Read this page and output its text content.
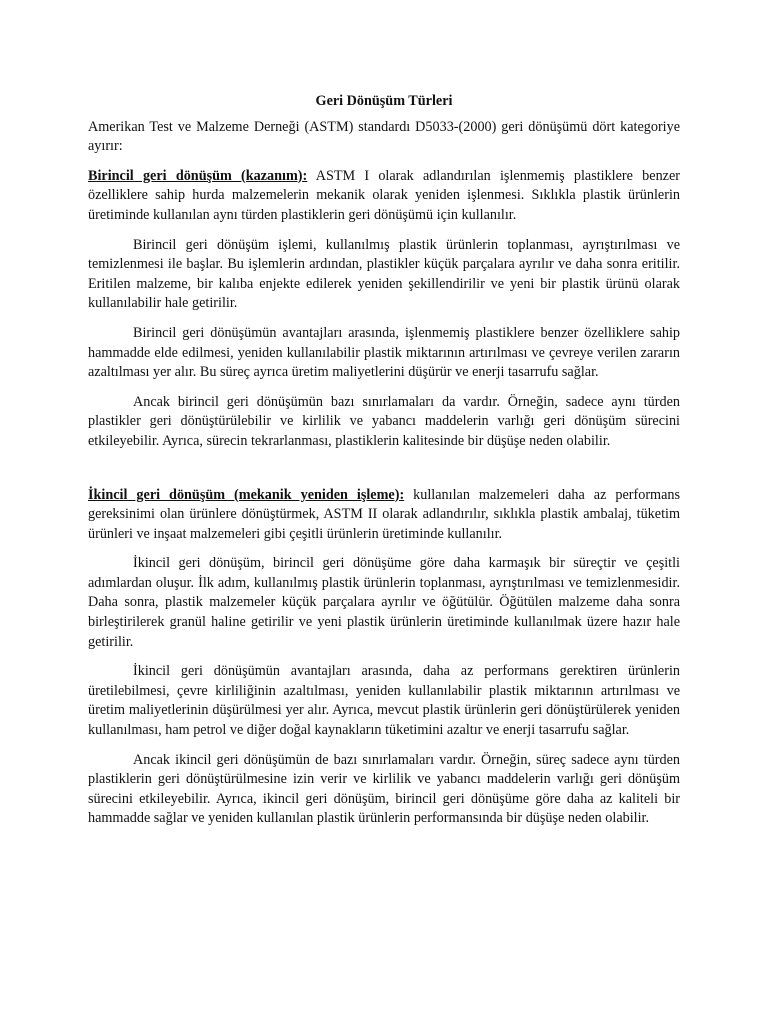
Geri Dönüşüm Türleri

Amerikan Test ve Malzeme Derneği (ASTM) standardı D5033-(2000) geri dönüşümü dört kategoriye ayırır:

Birincil geri dönüşüm (kazanım): ASTM I olarak adlandırılan işlenmemiş plastiklere benzer özelliklere sahip hurda malzemelerin mekanik olarak yeniden işlenmesi. Sıklıkla plastik ürünlerin üretiminde kullanılan aynı türden plastiklerin geri dönüşümü için kullanılır.

Birincil geri dönüşüm işlemi, kullanılmış plastik ürünlerin toplanması, ayrıştırılması ve temizlenmesi ile başlar. Bu işlemlerin ardından, plastikler küçük parçalara ayrılır ve daha sonra eritilir. Eritilen malzeme, bir kalıba enjekte edilerek yeniden şekillendirilir ve yeni bir plastik ürünü olarak kullanılabilir hale getirilir.

Birincil geri dönüşümün avantajları arasında, işlenmemiş plastiklere benzer özelliklere sahip hammadde elde edilmesi, yeniden kullanılabilir plastik miktarının artırılması ve çevreye verilen zararın azaltılması yer alır. Bu süreç ayrıca üretim maliyetlerini düşürür ve enerji tasarrufu sağlar.

Ancak birincil geri dönüşümün bazı sınırlamaları da vardır. Örneğin, sadece aynı türden plastikler geri dönüştürülebilir ve kirlilik ve yabancı maddelerin varlığı geri dönüşüm sürecini etkileyebilir. Ayrıca, sürecin tekrarlanması, plastiklerin kalitesinde bir düşüşe neden olabilir.

İkincil geri dönüşüm (mekanik yeniden işleme): kullanılan malzemeleri daha az performans gereksinimi olan ürünlere dönüştürmek, ASTM II olarak adlandırılır, sıklıkla plastik ambalaj, tüketim ürünleri ve inşaat malzemeleri gibi çeşitli ürünlerin üretiminde kullanılır.

İkincil geri dönüşüm, birincil geri dönüşüme göre daha karmaşık bir süreçtir ve çeşitli adımlardan oluşur. İlk adım, kullanılmış plastik ürünlerin toplanması, ayrıştırılması ve temizlenmesidir. Daha sonra, plastik malzemeler küçük parçalara ayrılır ve öğütülür. Öğütülen malzeme daha sonra birleştirilerek granül haline getirilir ve yeni plastik ürünlerin üretiminde kullanılmak üzere hazır hale getirilir.

İkincil geri dönüşümün avantajları arasında, daha az performans gerektiren ürünlerin üretilebilmesi, çevre kirliliğinin azaltılması, yeniden kullanılabilir plastik miktarının artırılması ve üretim maliyetlerinin düşürülmesi yer alır. Ayrıca, mevcut plastik ürünlerin geri dönüştürülerek yeniden kullanılması, ham petrol ve diğer doğal kaynakların tüketimini azaltır ve enerji tasarrufu sağlar.

Ancak ikincil geri dönüşümün de bazı sınırlamaları vardır. Örneğin, süreç sadece aynı türden plastiklerin geri dönüştürülmesine izin verir ve kirlilik ve yabancı maddelerin varlığı geri dönüşüm sürecini etkileyebilir. Ayrıca, ikincil geri dönüşüm, birincil geri dönüşüme göre daha az kaliteli bir hammadde sağlar ve yeniden kullanılan plastik ürünlerin performansında bir düşüşe neden olabilir.
